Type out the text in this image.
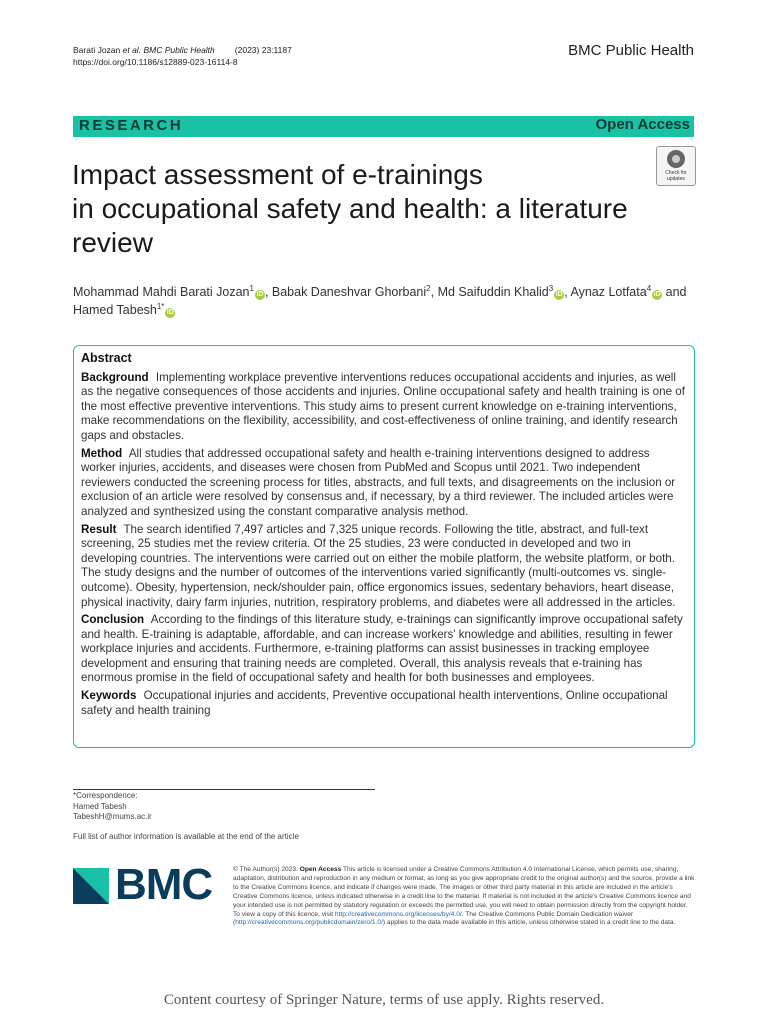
Barati Jozan et al. BMC Public Health (2023) 23:1187
https://doi.org/10.1186/s12889-023-16114-8
BMC Public Health
RESEARCH	Open Access
Impact assessment of e-trainings
in occupational safety and health: a literature
review
Check for
updates
Mohammad Mahdi Barati Jozan$^1$iD , Babak Daneshvar Ghorbani$^2$, Md Saifuddin Khalid$^3$iD , Aynaz Lotfata$^4$iD and
Hamed Tabesh$^{1*}$iD
Abstract
Background Implementing workplace preventive interventions reduces occupational accidents and injuries, as well as the negative consequences of those accidents and injuries. Online occupational safety and health training is one of the most effective preventive interventions. This study aims to present current knowledge on e-training interventions, make recommendations on the flexibility, accessibility, and cost-effectiveness of online training, and identify research gaps and obstacles.
Method All studies that addressed occupational safety and health e-training interventions designed to address worker injuries, accidents, and diseases were chosen from PubMed and Scopus until 2021. Two independent reviewers conducted the screening process for titles, abstracts, and full texts, and disagreements on the inclusion or exclusion of an article were resolved by consensus and, if necessary, by a third reviewer. The included articles were analyzed and synthesized using the constant comparative analysis method.
Result The search identified 7,497 articles and 7,325 unique records. Following the title, abstract, and full-text screening, 25 studies met the review criteria. Of the 25 studies, 23 were conducted in developed and two in developing countries. The interventions were carried out on either the mobile platform, the website platform, or both. The study designs and the number of outcomes of the interventions varied significantly (multi-outcomes vs. single-outcome). Obesity, hypertension, neck/shoulder pain, office ergonomics issues, sedentary behaviors, heart disease, physical inactivity, dairy farm injuries, nutrition, respiratory problems, and diabetes were all addressed in the articles.
Conclusion According to the findings of this literature study, e-trainings can significantly improve occupational safety and health. E-training is adaptable, affordable, and can increase workers' knowledge and abilities, resulting in fewer workplace injuries and accidents. Furthermore, e-training platforms can assist businesses in tracking employee development and ensuring that training needs are completed. Overall, this analysis reveals that e-training has enormous promise in the field of occupational safety and health for both businesses and employees.
Keywords Occupational injuries and accidents, Preventive occupational health interventions, Online occupational safety and health training
*Correspondence:
Hamed Tabesh
TabeshH@mums.ac.ir
Full list of author information is available at the end of the article
BMC	© The Author(s) 2023. Open Access This article is licensed under a Creative Commons Attribution 4.0 International License, which permits use, sharing, adaptation, distribution and reproduction in any medium or format, as long as you give appropriate credit to the original author(s) and the source, provide a link to the Creative Commons licence, and indicate if changes were made. The images or other third party material in this article are included in the article's Creative Commons licence, unless indicated otherwise in a credit line to the material. If material is not included in the article's Creative Commons licence and your intended use is not permitted by statutory regulation or exceeds the permitted use, you will need to obtain permission directly from the copyright holder. To view a copy of this licence, visit http://creativecommons.org/licenses/by/4.0/. The Creative Commons Public Domain Dedication waiver (http://creativecommons.org/publicdomain/zero/1.0/) applies to the data made available in this article, unless otherwise stated in a credit line to the data.
Content courtesy of Springer Nature, terms of use apply. Rights reserved.
